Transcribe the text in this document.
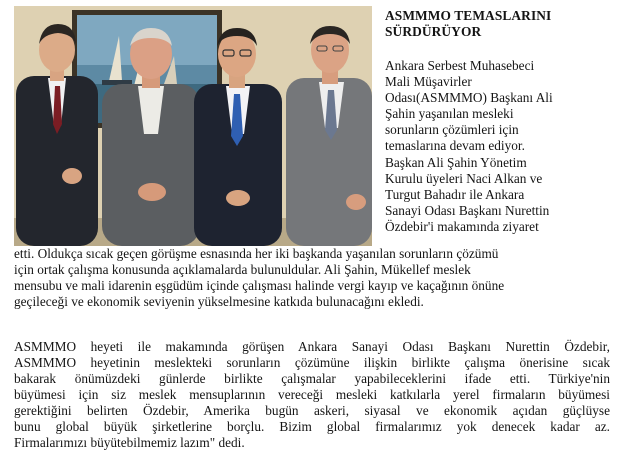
ASMMMO TEMASLARINI
SÜRDÜRÜYOR
Ankara Serbest Muhasebeci
Mali Müşavirler
Odası(ASMMMO) Başkanı Ali
Şahin yaşanılan mesleki
sorunların çözümleri için
temaslarına devam ediyor.
Başkan Ali Şahin Yönetim
Kurulu üyeleri Naci Alkan ve
Turgut Bahadır ile Ankara
Sanayi Odası Başkanı Nurettin
Özdebir'i makamında ziyaret
etti. Oldukça sıcak geçen görüşme esnasında her iki başkanda yaşanılan sorunların çözümü
için ortak çalışma konusunda açıklamalarda bulunuldular. Ali Şahin, Mükellef meslek
mensubu ve mali idarenin eşgüdüm içinde çalışması halinde vergi kayıp ve kaçağının önüne
geçileceği ve ekonomik seviyenin yükselmesine katkıda bulunacağını ekledi.
ASMMMO heyeti ile makamında görüşen Ankara Sanayi Odası Başkanı Nurettin Özdebir,
ASMMMO heyetinin meslekteki sorunların çözümüne ilişkin birlikte çalışma önerisine sıcak
bakarak önümüzdeki günlerde birlikte çalışmalar yapabileceklerini ifade etti. Türkiye'nin
büyümesi için siz meslek mensuplarının vereceği mesleki katkılarla yerel firmaların büyümesi
gerektiğini belirten Özdebir, Amerika bugün askeri, siyasal ve ekonomik açıdan güçlüyse
bunu global büyük şirketlerine borçlu. Bizim global firmalarımız yok denecek kadar az.
Firmalarımızı büyütebilmemiz lazım" dedi.
